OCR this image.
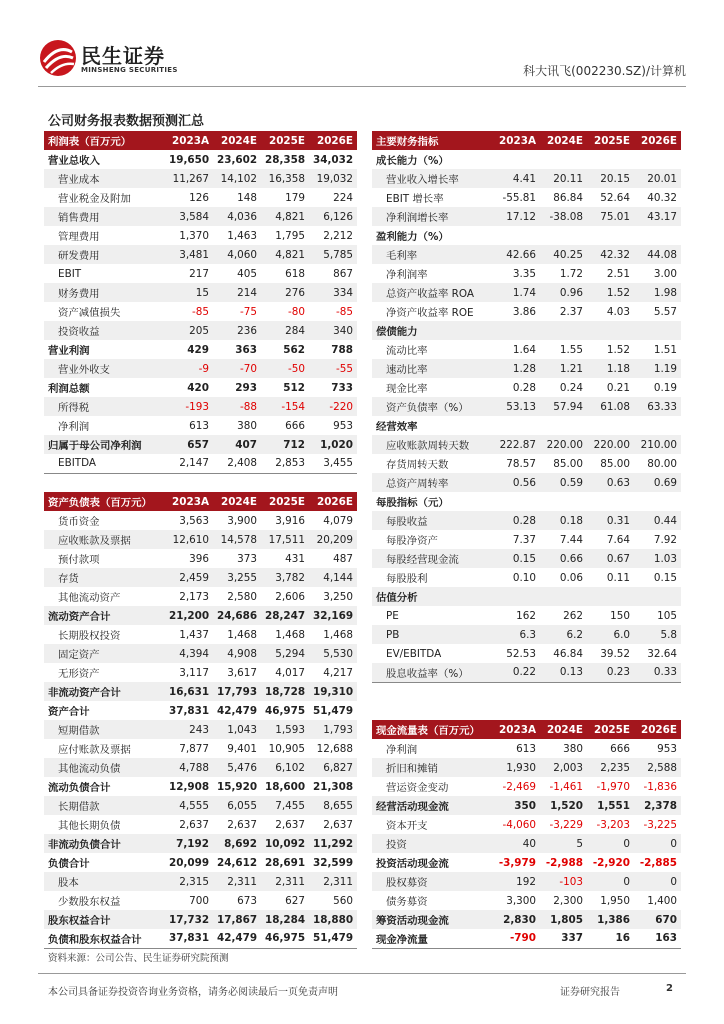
民生证券
MINSHENG SECURITIES	科大讯飞(002230.SZ)/计算机
公司财务报表数据预测汇总
利润表（百万元）	2023A	2024E	2025E	2026E
营业总收入	19,650	23,602	28,358	34,032
营业成本	11,267	14,102	16,358	19,032
营业税金及附加	126	148	179	224
销售费用	3,584	4,036	4,821	6,126
管理费用	1,370	1,463	1,795	2,212
研发费用	3,481	4,060	4,821	5,785
EBIT	217	405	618	867
财务费用	15	214	276	334
资产减值损失	-85	-75	-80	-85
投资收益	205	236	284	340
营业利润	429	363	562	788
营业外收支	-9	-70	-50	-55
利润总额	420	293	512	733
所得税	-193	-88	-154	-220
净利润	613	380	666	953
归属于母公司净利润	657	407	712	1,020
EBITDA	2,147	2,408	2,853	3,455
资产负债表（百万元）	2023A	2024E	2025E	2026E
货币资金	3,563	3,900	3,916	4,079
应收账款及票据	12,610	14,578	17,511	20,209
预付款项	396	373	431	487
存货	2,459	3,255	3,782	4,144
其他流动资产	2,173	2,580	2,606	3,250
流动资产合计	21,200	24,686	28,247	32,169
长期股权投资	1,437	1,468	1,468	1,468
固定资产	4,394	4,908	5,294	5,530
无形资产	3,117	3,617	4,017	4,217
非流动资产合计	16,631	17,793	18,728	19,310
资产合计	37,831	42,479	46,975	51,479
短期借款	243	1,043	1,593	1,793
应付账款及票据	7,877	9,401	10,905	12,688
其他流动负债	4,788	5,476	6,102	6,827
流动负债合计	12,908	15,920	18,600	21,308
长期借款	4,555	6,055	7,455	8,655
其他长期负债	2,637	2,637	2,637	2,637
非流动负债合计	7,192	8,692	10,092	11,292
负债合计	20,099	24,612	28,691	32,599
股本	2,315	2,311	2,311	2,311
少数股东权益	700	673	627	560
股东权益合计	17,732	17,867	18,284	18,880
负债和股东权益合计	37,831	42,479	46,975	51,479
主要财务指标	2023A	2024E	2025E	2026E
成长能力（%）				
营业收入增长率	4.41	20.11	20.15	20.01
EBIT 增长率	-55.81	86.84	52.64	40.32
净利润增长率	17.12	-38.08	75.01	43.17
盈利能力（%）				
毛利率	42.66	40.25	42.32	44.08
净利润率	3.35	1.72	2.51	3.00
总资产收益率 ROA	1.74	0.96	1.52	1.98
净资产收益率 ROE	3.86	2.37	4.03	5.57
偿债能力				
流动比率	1.64	1.55	1.52	1.51
速动比率	1.28	1.21	1.18	1.19
现金比率	0.28	0.24	0.21	0.19
资产负债率（%）	53.13	57.94	61.08	63.33
经营效率				
应收账款周转天数	222.87	220.00	220.00	210.00
存货周转天数	78.57	85.00	85.00	80.00
总资产周转率	0.56	0.59	0.63	0.69
每股指标（元）				
每股收益	0.28	0.18	0.31	0.44
每股净资产	7.37	7.44	7.64	7.92
每股经营现金流	0.15	0.66	0.67	1.03
每股股利	0.10	0.06	0.11	0.15
估值分析				
PE	162	262	150	105
PB	6.3	6.2	6.0	5.8
EV/EBITDA	52.53	46.84	39.52	32.64
股息收益率（%）	0.22	0.13	0.23	0.33
现金流量表（百万元）	2023A	2024E	2025E	2026E
净利润	613	380	666	953
折旧和摊销	1,930	2,003	2,235	2,588
营运资金变动	-2,469	-1,461	-1,970	-1,836
经营活动现金流	350	1,520	1,551	2,378
资本开支	-4,060	-3,229	-3,203	-3,225
投资	40	5	0	0
投资活动现金流	-3,979	-2,988	-2,920	-2,885
股权募资	192	-103	0	0
债务募资	3,300	2,300	1,950	1,400
筹资活动现金流	2,830	1,805	1,386	670
现金净流量	-790	337	16	163
资料来源：公司公告、民生证券研究院预测
本公司具备证券投资咨询业务资格，请务必阅读最后一页免责声明	证券研究报告	2
